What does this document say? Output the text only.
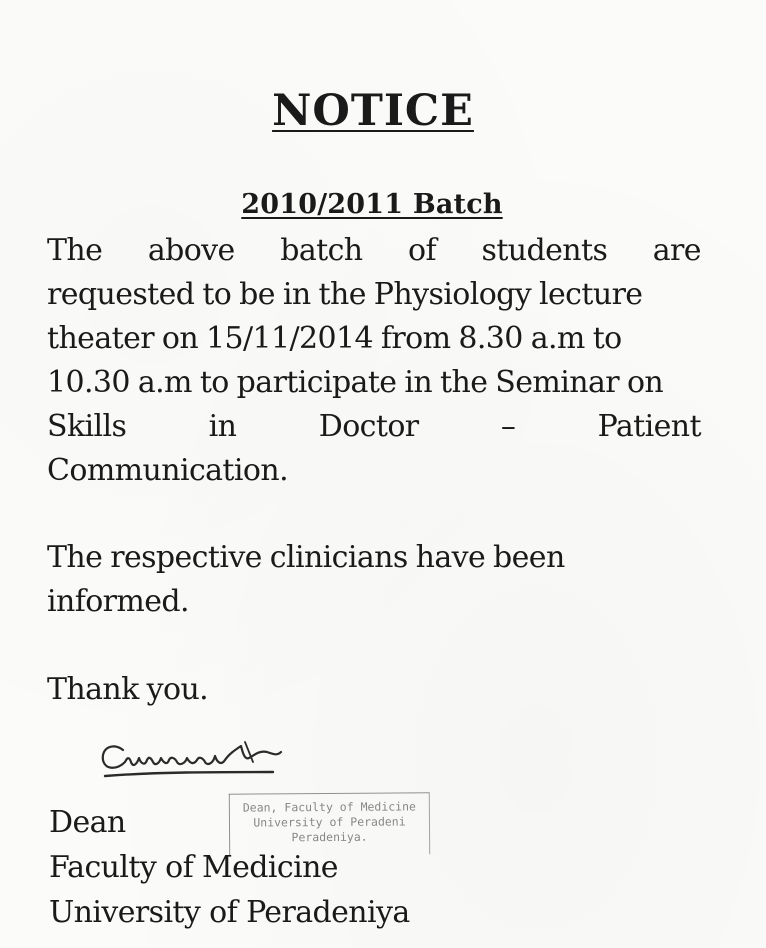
NOTICE
2010/2011 Batch
The above batch of students are
requested to be in the Physiology lecture
theater on 15/11/2014 from 8.30 a.m to
10.30 a.m to participate in the Seminar on
Skills	in	Doctor	–	Patient
Communication.
The respective clinicians have been
informed.
Thank you.
Dean, Faculty of Medicine
University of Peradeni
Peradeniya.
Dean
Faculty of Medicine
University of Peradeniya
